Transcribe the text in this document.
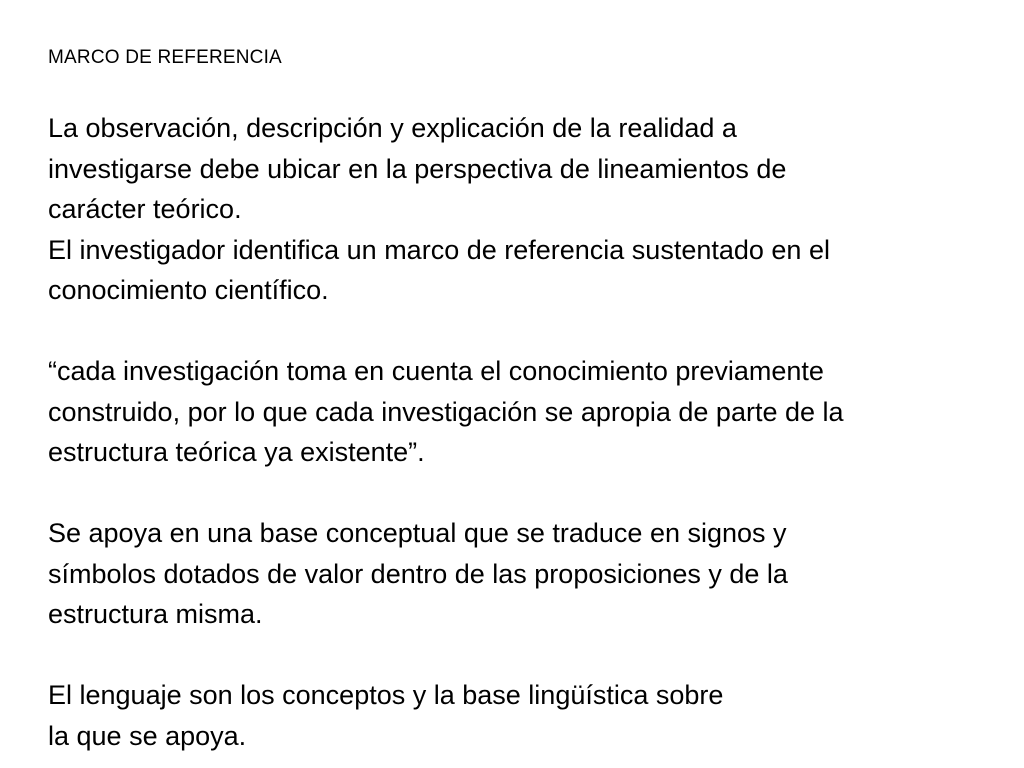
MARCO DE REFERENCIA
La observación, descripción y explicación de la realidad a
investigarse debe ubicar en la perspectiva de lineamientos de
carácter teórico.
El investigador identifica un marco de referencia sustentado en el
conocimiento científico.
“cada investigación toma en cuenta el conocimiento previamente
construido, por lo que cada investigación se apropia de parte de la
estructura teórica ya existente”.
Se apoya en una base conceptual que se traduce en signos y
símbolos dotados de valor dentro de las proposiciones y de la
estructura misma.
El lenguaje son los conceptos y la base lingüística sobre
la que se apoya.
